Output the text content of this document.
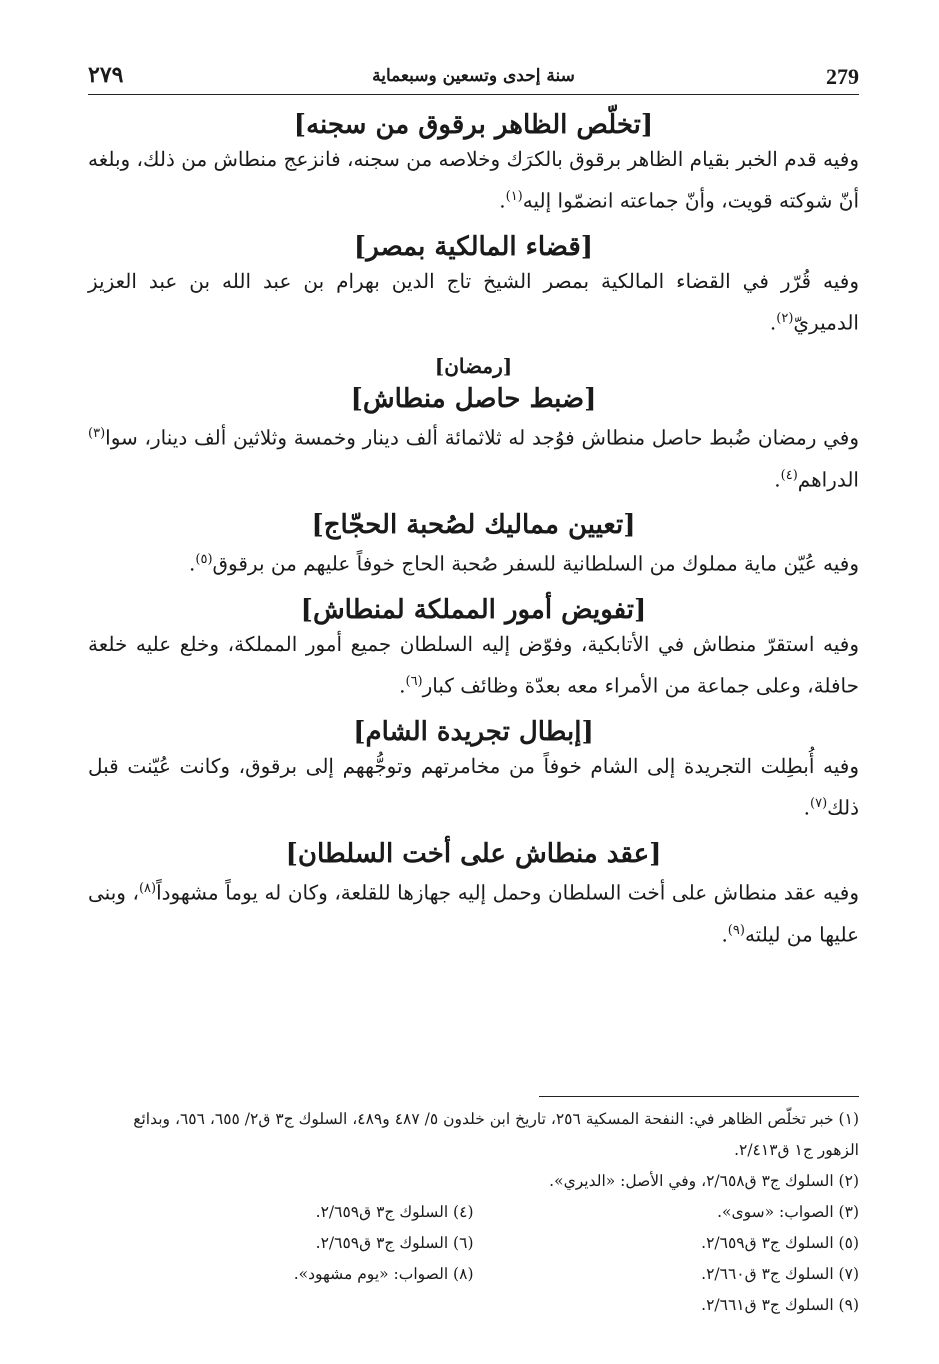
279
سنة إحدى وتسعين وسبعماية
٢٧٩
[تخلّص الظاهر برقوق من سجنه]

وفيه قدم الخبر بقيام الظاهر برقوق بالكرَك وخلاصه من سجنه، فانزعج منطاش من ذلك، وبلغه أنّ شوكته قويت، وأنّ جماعته انضمّوا إليه$^{(١)}$.

[قضاء المالكية بمصر]

وفيه قُرّر في القضاء المالكية بمصر الشيخ تاج الدين بهرام بن عبد الله بن عبد العزيز الدميريّ$^{(٢)}$.

[رمضان]
[ضبط حاصل منطاش]

وفي رمضان ضُبط حاصل منطاش فوُجد له ثلاثمائة ألف دينار وخمسة وثلاثين ألف دينار، سوا$^{(٣)}$ الدراهم$^{(٤)}$.

[تعيين مماليك لصُحبة الحجّاج]

وفيه عُيّن ماية مملوك من السلطانية للسفر صُحبة الحاج خوفاً عليهم من برقوق$^{(٥)}$.

[تفويض أمور المملكة لمنطاش]

وفيه استقرّ منطاش في الأتابكية، وفوّض إليه السلطان جميع أمور المملكة، وخلع عليه خلعة حافلة، وعلى جماعة من الأمراء معه بعدّة وظائف كبار$^{(٦)}$.

[إبطال تجريدة الشام]

وفيه أُبطِلت التجريدة إلى الشام خوفاً من مخامرتهم وتوجُّههم إلى برقوق، وكانت عُيّنت قبل ذلك$^{(٧)}$.

[عقد منطاش على أخت السلطان]

وفيه عقد منطاش على أخت السلطان وحمل إليه جهازها للقلعة، وكان له يوماً مشهوداً$^{(٨)}$، وبنى عليها من ليلته$^{(٩)}$.

(١) خبر تخلّص الظاهر في: النفحة المسكية ٢٥٦، تاريخ ابن خلدون ٥/ ٤٨٧ و٤٨٩، السلوك ج٣ ق٢/ ٦٥٥، ٦٥٦، وبدائع الزهور ج١ ق٢/٤١٣.

(٢) السلوك ج٣ ق٢/٦٥٨، وفي الأصل: «الديري».

(٣) الصواب: «سوى».

(٤) السلوك ج٣ ق٢/٦٥٩.

(٥) السلوك ج٣ ق٢/٦٥٩.

(٦) السلوك ج٣ ق٢/٦٥٩.

(٧) السلوك ج٣ ق٢/٦٦٠.

(٨) الصواب: «يوم مشهود».

(٩) السلوك ج٣ ق٢/٦٦١.
